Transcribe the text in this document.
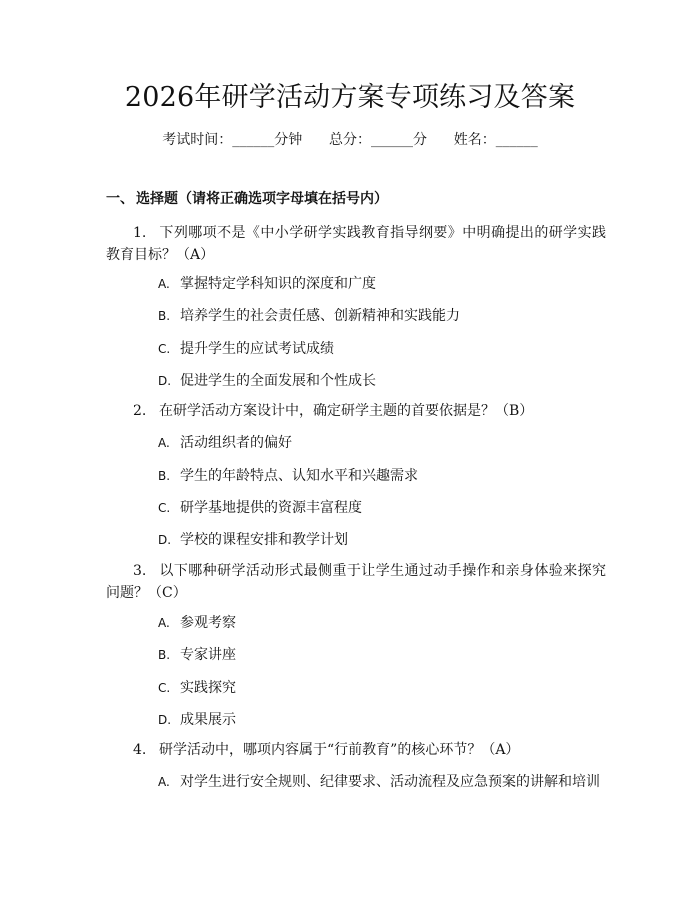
2026年研学活动方案专项练习及答案
考试时间：______分钟 总分：______分 姓名：______
一、 选择题（请将正确选项字母填在括号内）
1. 下列哪项不是《中小学研学实践教育指导纲要》中明确提出的研学实践教育目标？（A）
A. 掌握特定学科知识的深度和广度
B. 培养学生的社会责任感、创新精神和实践能力
C. 提升学生的应试考试成绩
D. 促进学生的全面发展和个性成长
2. 在研学活动方案设计中，确定研学主题的首要依据是？（B）
A. 活动组织者的偏好
B. 学生的年龄特点、认知水平和兴趣需求
C. 研学基地提供的资源丰富程度
D. 学校的课程安排和教学计划
3. 以下哪种研学活动形式最侧重于让学生通过动手操作和亲身体验来探究问题？（C）
A. 参观考察
B. 专家讲座
C. 实践探究
D. 成果展示
4. 研学活动中，哪项内容属于“行前教育”的核心环节？（A）
A. 对学生进行安全规则、纪律要求、活动流程及应急预案的讲解和培训
